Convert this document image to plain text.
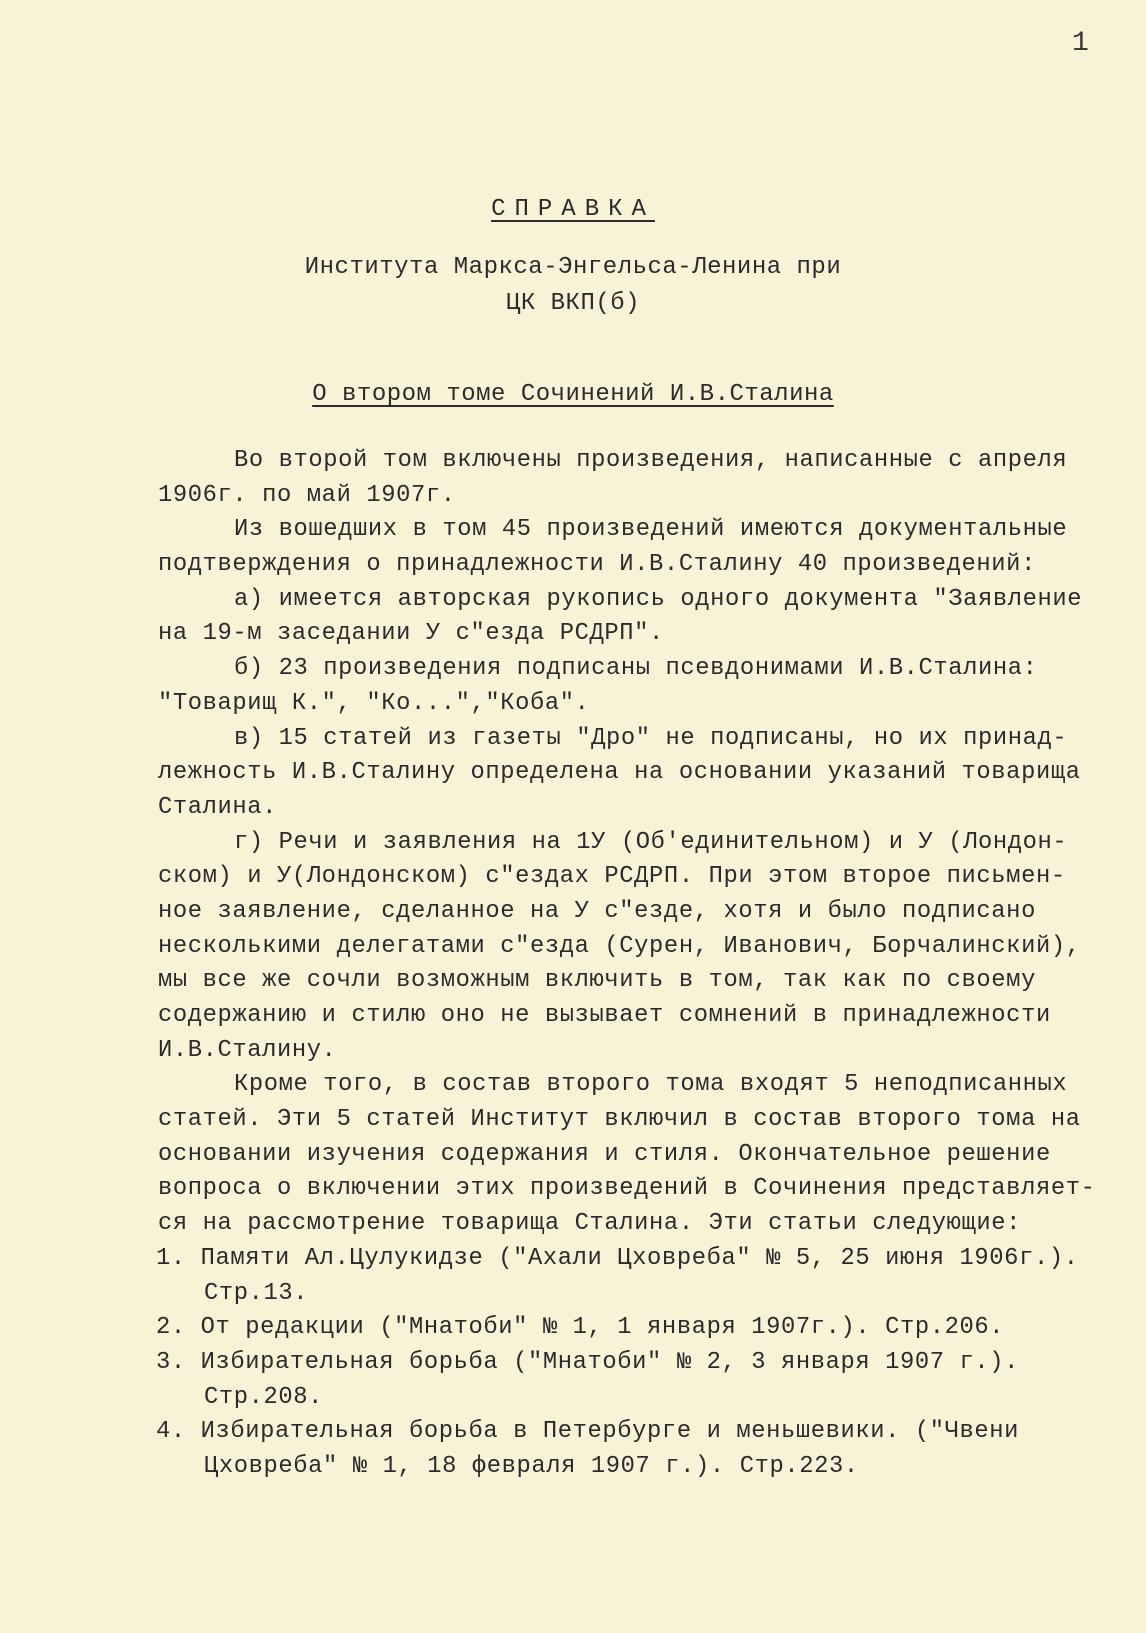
1
СПРАВКА
Института Маркса-Энгельса-Ленина при
ЦК ВКП(б)
О втором томе Сочинений И.В.Сталина
Во второй том включены произведения, написанные с апреля
1906г. по май 1907г.
Из вошедших в том 45 произведений имеются документальные
подтверждения о принадлежности И.В.Сталину 40 произведений:
а) имеется авторская рукопись одного документа "Заявление
на 19-м заседании У с"езда РСДРП".
б) 23 произведения подписаны псевдонимами И.В.Сталина:
"Товарищ К.", "Ко...","Коба".
в) 15 статей из газеты "Дро" не подписаны, но их принад-
лежность И.В.Сталину определена на основании указаний товарища
Сталина.
г) Речи и заявления на 1У (Об'единительном) и У (Лондон-
ском) и У(Лондонском) с"ездах РСДРП. При этом второе письмен-
ное заявление, сделанное на У с"езде, хотя и было подписано
несколькими делегатами с"езда (Сурен, Иванович, Борчалинский),
мы все же сочли возможным включить в том, так как по своему
содержанию и стилю оно не вызывает сомнений в принадлежности
И.В.Сталину.
Кроме того, в состав второго тома входят 5 неподписанных
статей. Эти 5 статей Институт включил в состав второго тома на
основании изучения содержания и стиля. Окончательное решение
вопроса о включении этих произведений в Сочинения представляет-
ся на рассмотрение товарища Сталина. Эти статьи следующие:
1. Памяти Ал.Цулукидзе ("Ахали Цховреба" № 5, 25 июня 1906г.).
Стр.13.
2. От редакции ("Мнатоби" № 1, 1 января 1907г.). Стр.206.
3. Избирательная борьба ("Мнатоби" № 2, 3 января 1907 г.).
Стр.208.
4. Избирательная борьба в Петербурге и меньшевики. ("Чвени
Цховреба" № 1, 18 февраля 1907 г.). Стр.223.
